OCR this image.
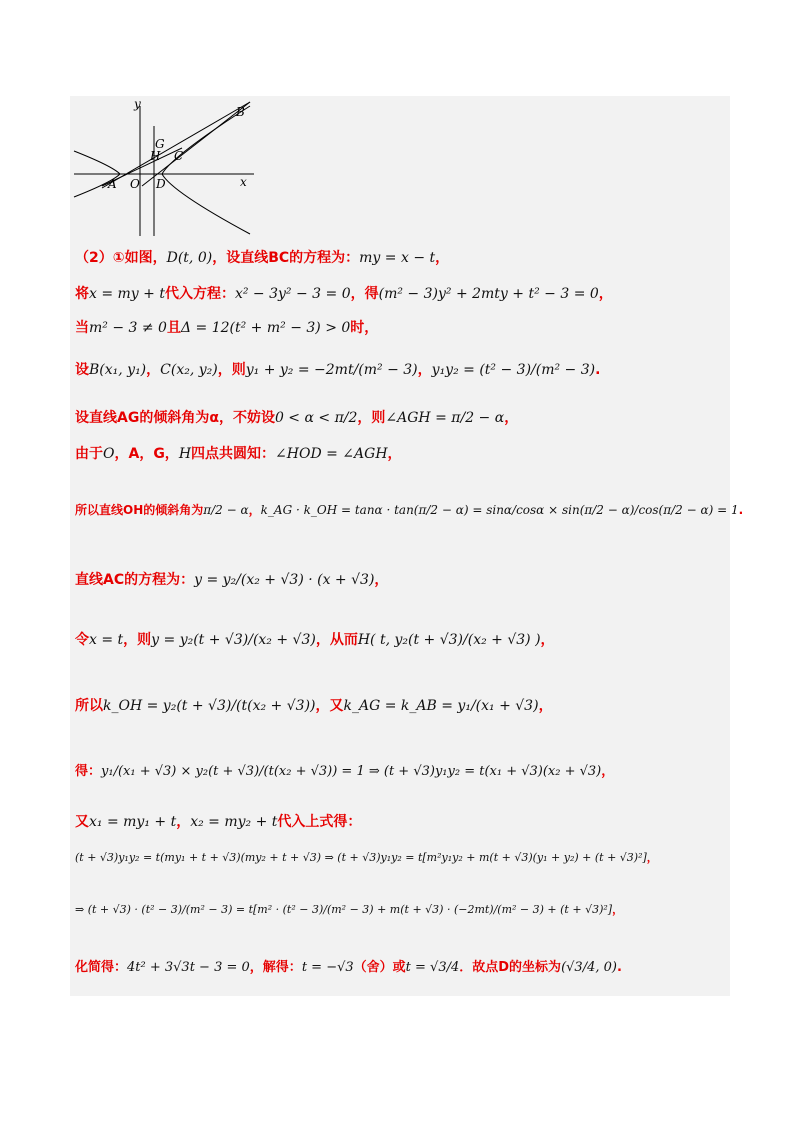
x
y
A O D
G
H C
B
（2）①如图，D(t, 0)，设直线BC的方程为：my = x − t，
将x = my + t代入方程：x² − 3y² − 3 = 0，得(m² − 3)y² + 2mty + t² − 3 = 0，
当m² − 3 ≠ 0且Δ = 12(t² + m² − 3) > 0时，
设B(x₁, y₁)，C(x₂, y₂)，则y₁ + y₂ = −2mt/(m² − 3)，y₁y₂ = (t² − 3)/(m² − 3).
设直线AG的倾斜角为α，不妨设0 < α < π/2，则∠AGH = π/2 − α，
由于O，A，G，H四点共圆知：∠HOD = ∠AGH，
所以直线OH的倾斜角为π/2 − α，k_AG · k_OH = tanα · tan(π/2 − α) = sinα/cosα × sin(π/2 − α)/cos(π/2 − α) = 1.
直线AC的方程为：y = y₂/(x₂ + √3) · (x + √3)，
令x = t，则y = y₂(t + √3)/(x₂ + √3)，从而H( t, y₂(t + √3)/(x₂ + √3) )，
所以k_OH = y₂(t + √3)/(t(x₂ + √3))，又k_AG = k_AB = y₁/(x₁ + √3)，
得：y₁/(x₁ + √3) × y₂(t + √3)/(t(x₂ + √3)) = 1 ⇒ (t + √3)y₁y₂ = t(x₁ + √3)(x₂ + √3)，
又x₁ = my₁ + t，x₂ = my₂ + t代入上式得：
(t + √3)y₁y₂ = t(my₁ + t + √3)(my₂ + t + √3) ⇒ (t + √3)y₁y₂ = t[m²y₁y₂ + m(t + √3)(y₁ + y₂) + (t + √3)²]，
⇒ (t + √3) · (t² − 3)/(m² − 3) = t[m² · (t² − 3)/(m² − 3) + m(t + √3) · (−2mt)/(m² − 3) + (t + √3)²]，
化简得：4t² + 3√3t − 3 = 0，解得：t = −√3（舍）或t = √3/4．故点D的坐标为(√3/4, 0).
